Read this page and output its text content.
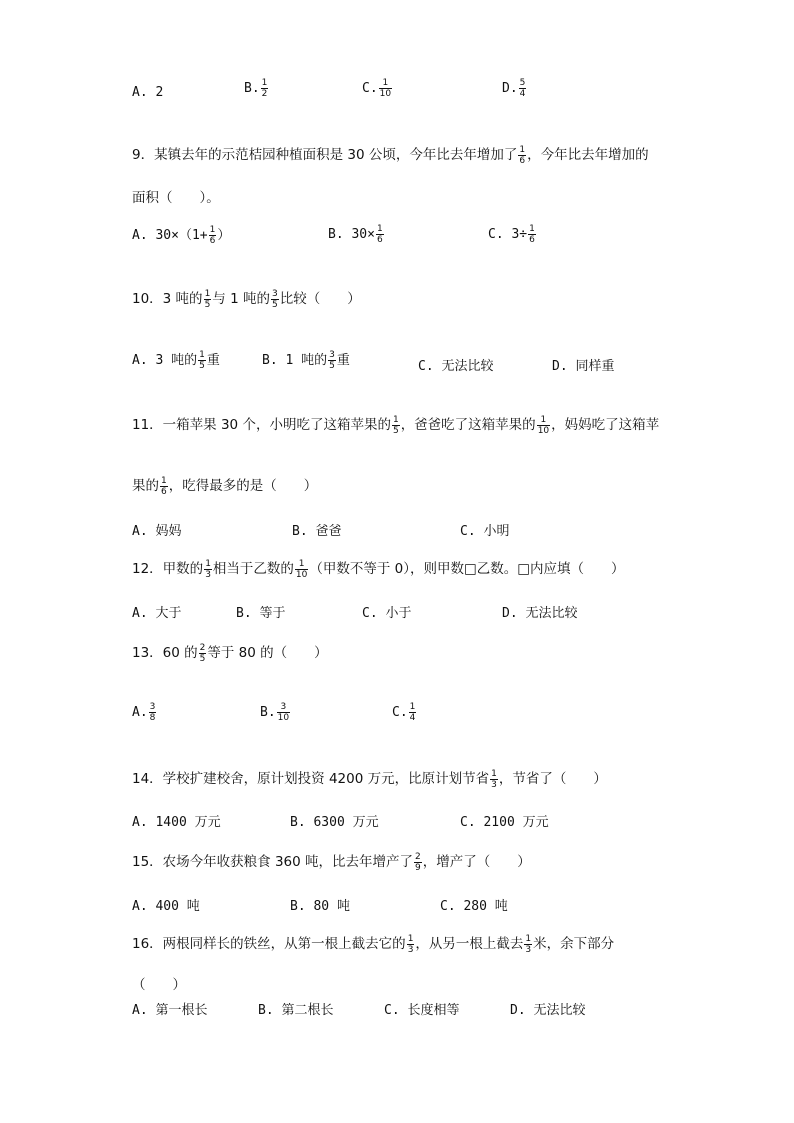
A. 2	B. $\frac{1}{2}$	C. $\frac{1}{10}$	D. $\frac{5}{4}$
9．某镇去年的示范桔园种植面积是 30 公顷，今年比去年增加了 $\frac{1}{6}$ ，今年比去年增加的
面积（　　）。
A. $30\times(1+ \frac{1}{6}$ ）	B. $30\times \frac{1}{6}$	C. $3\div \frac{1}{6}$
10．3 吨的 $\frac{1}{5}$ 与 1 吨的 $\frac{3}{5}$ 比较（　　）
A. 3 吨的 $\frac{1}{5}$ 重	B. 1 吨的 $\frac{3}{5}$ 重	C. 无法比较	D. 同样重
11．一箱苹果 30 个，小明吃了这箱苹果的 $\frac{1}{5}$ ，爸爸吃了这箱苹果的 $\frac{1}{10}$ ，妈妈吃了这箱苹
果的 $\frac{1}{6}$ ，吃得最多的是（　　）
A. 妈妈	B. 爸爸	C. 小明
12．甲数的 $\frac{1}{3}$ 相当于乙数的 $\frac{1}{10}$ （甲数不等于 0），则甲数□乙数。□内应填（　　）
A. 大于	B. 等于	C. 小于	D. 无法比较
13．60 的 $\frac{2}{5}$ 等于 80 的（　　）
A. $\frac{3}{8}$	B. $\frac{3}{10}$	C. $\frac{1}{4}$
14．学校扩建校舍，原计划投资 4200 万元，比原计划节省 $\frac{1}{3}$ ，节省了（　　）
A. 1400 万元	B. 6300 万元	C. 2100 万元
15．农场今年收获粮食 360 吨，比去年增产了 $\frac{2}{9}$ ，增产了（　　）
A. 400 吨	B. 80 吨	C. 280 吨
16．两根同样长的铁丝，从第一根上截去它的 $\frac{1}{3}$ ，从另一根上截去 $\frac{1}{3}$ 米，余下部分
（　　）
A. 第一根长	B. 第二根长	C. 长度相等	D. 无法比较
